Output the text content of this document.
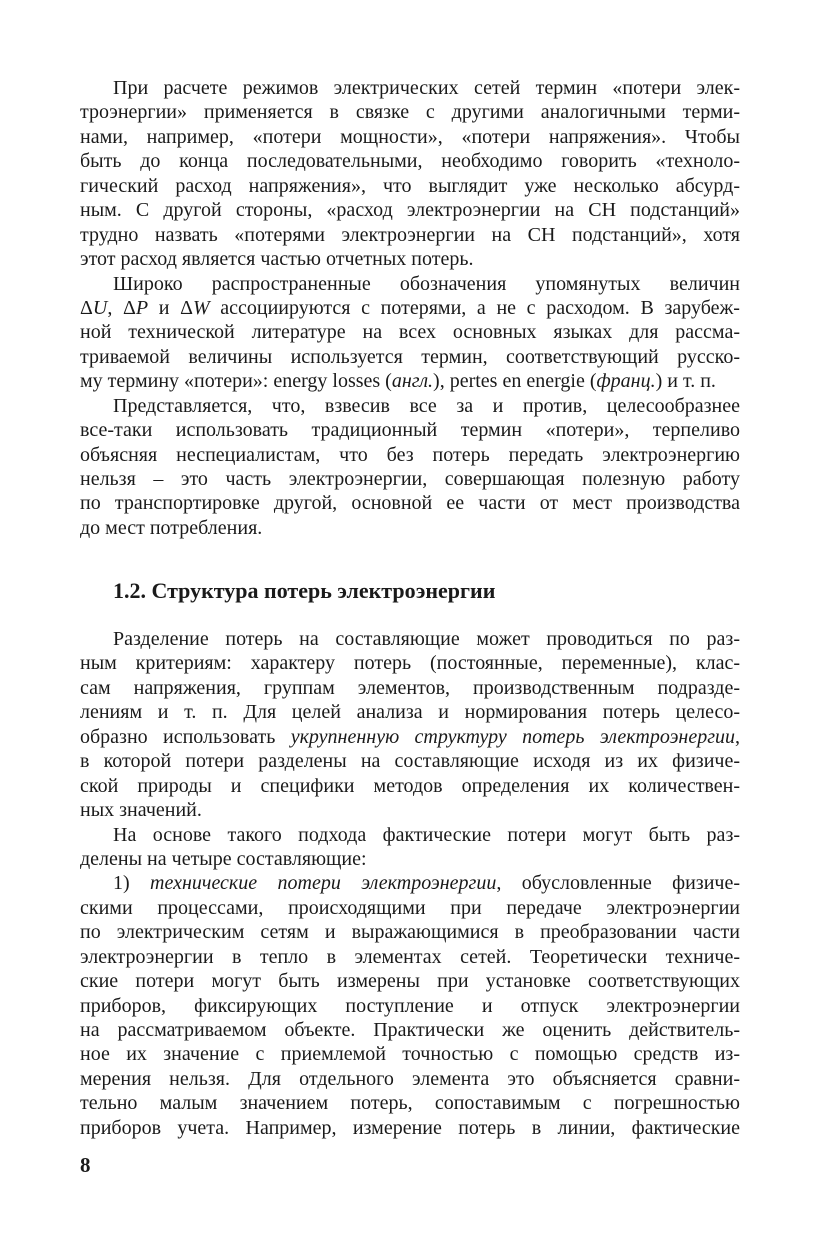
При расчете режимов электрических сетей термин «потери элек-
троэнергии» применяется в связке с другими аналогичными терми-
нами, например, «потери мощности», «потери напряжения». Чтобы
быть до конца последовательными, необходимо говорить «техноло-
гический расход напряжения», что выглядит уже несколько абсурд-
ным. С другой стороны, «расход электроэнергии на СН подстанций»
трудно назвать «потерями электроэнергии на СН подстанций», хотя
этот расход является частью отчетных потерь.
Широко распространенные обозначения упомянутых величин
ΔU, ΔP и ΔW ассоциируются с потерями, а не с расходом. В зарубеж-
ной технической литературе на всех основных языках для рассма-
триваемой величины используется термин, соответствующий русско-
му термину «потери»: energy losses (англ.), pertes en energie (франц.) и т. п.
Представляется, что, взвесив все за и против, целесообразнее
все-таки использовать традиционный термин «потери», терпеливо
объясняя неспециалистам, что без потерь передать электроэнергию
нельзя – это часть электроэнергии, совершающая полезную работу
по транспортировке другой, основной ее части от мест производства
до мест потребления.
1.2. Структура потерь электроэнергии
Разделение потерь на составляющие может проводиться по раз-
ным критериям: характеру потерь (постоянные, переменные), клас-
сам напряжения, группам элементов, производственным подразде-
лениям и т. п. Для целей анализа и нормирования потерь целесо-
образно использовать укрупненную структуру потерь электроэнергии,
в которой потери разделены на составляющие исходя из их физиче-
ской природы и специфики методов определения их количествен-
ных значений.
На основе такого подхода фактические потери могут быть раз-
делены на четыре составляющие:
1) технические потери электроэнергии, обусловленные физиче-
скими процессами, происходящими при передаче электроэнергии
по электрическим сетям и выражающимися в преобразовании части
электроэнергии в тепло в элементах сетей. Теоретически техниче-
ские потери могут быть измерены при установке соответствующих
приборов, фиксирующих поступление и отпуск электроэнергии
на рассматриваемом объекте. Практически же оценить действитель-
ное их значение с приемлемой точностью с помощью средств из-
мерения нельзя. Для отдельного элемента это объясняется сравни-
тельно малым значением потерь, сопоставимым с погрешностью
приборов учета. Например, измерение потерь в линии, фактические
8
